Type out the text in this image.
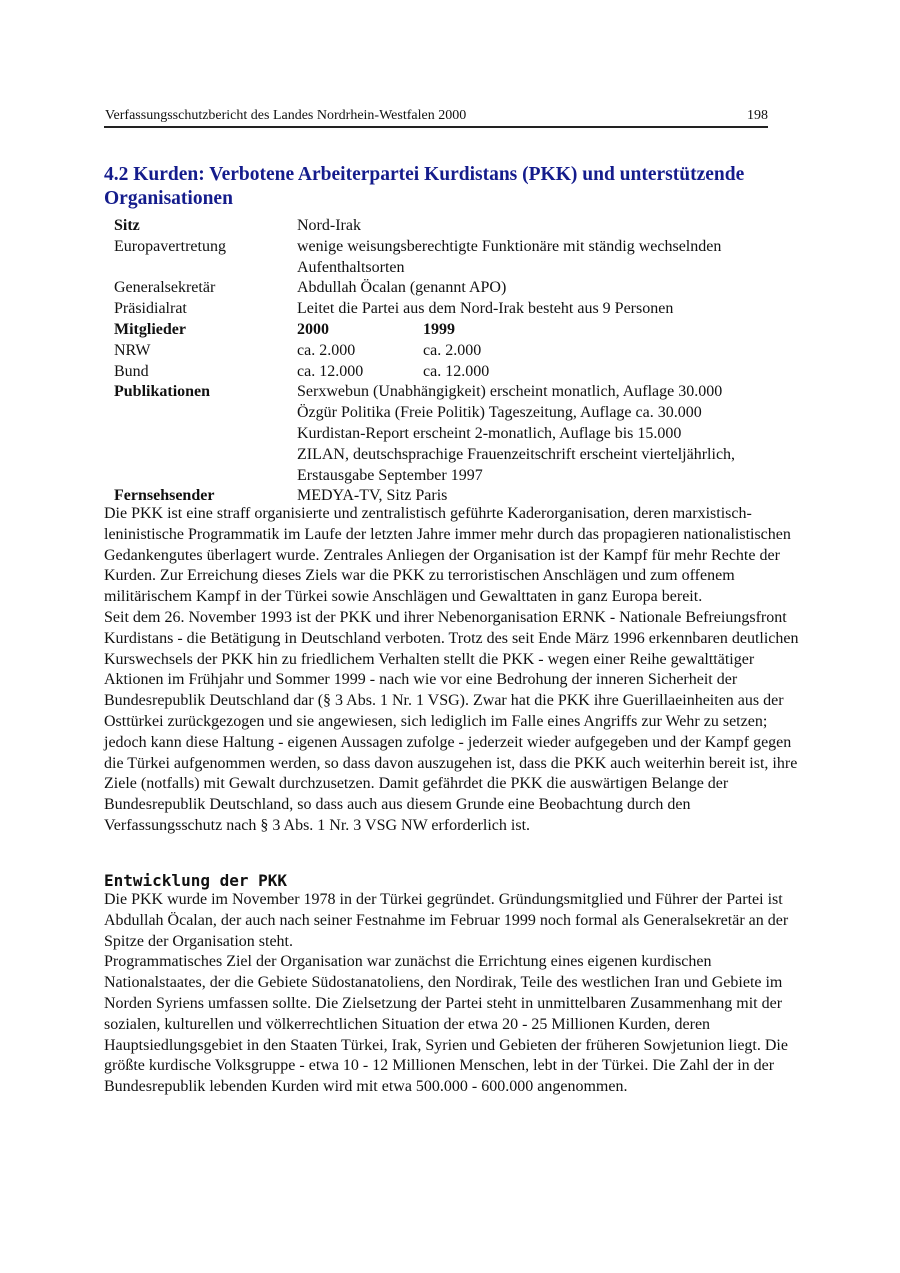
Verfassungsschutzbericht des Landes Nordrhein-Westfalen 2000	198
4.2 Kurden: Verbotene Arbeiterpartei Kurdistans (PKK) und unterstützende Organisationen
Sitz	Nord-Irak	
Europavertretung	wenige weisungsberechtigte Funktionäre mit ständig wechselnden Aufenthaltsorten	
Generalsekretär	Abdullah Öcalan (genannt APO)	
Präsidialrat	Leitet die Partei aus dem Nord-Irak besteht aus 9 Personen	
Mitglieder	2000	1999
NRW	ca. 2.000	ca. 2.000
Bund	ca. 12.000	ca. 12.000
Publikationen	Serxwebun (Unabhängigkeit) erscheint monatlich, Auflage 30.000
Özgür Politika (Freie Politik) Tageszeitung, Auflage ca. 30.000
Kurdistan-Report erscheint 2-monatlich, Auflage bis 15.000
ZILAN, deutschsprachige Frauenzeitschrift erscheint vierteljährlich, Erstausgabe September 1997	

Fernsehsender	MEDYA-TV, Sitz Paris	

Die PKK ist eine straff organisierte und zentralistisch geführte Kaderorganisation, deren marxistisch-leninistische Programmatik im Laufe der letzten Jahre immer mehr durch das propagieren nationalistischen Gedankengutes überlagert wurde. Zentrales Anliegen der Organisation ist der Kampf für mehr Rechte der Kurden. Zur Erreichung dieses Ziels war die PKK zu terroristischen Anschlägen und zum offenem militärischem Kampf in der Türkei sowie Anschlägen und Gewalttaten in ganz Europa bereit.

Seit dem 26. November 1993 ist der PKK und ihrer Nebenorganisation ERNK - Nationale Befreiungsfront Kurdistans - die Betätigung in Deutschland verboten. Trotz des seit Ende März 1996 erkennbaren deutlichen Kurswechsels der PKK hin zu friedlichem Verhalten stellt die PKK - wegen einer Reihe gewalttätiger Aktionen im Frühjahr und Sommer 1999 - nach wie vor eine Bedrohung der inneren Sicherheit der Bundesrepublik Deutschland dar (§ 3 Abs. 1 Nr. 1 VSG). Zwar hat die PKK ihre Guerillaeinheiten aus der Osttürkei zurückgezogen und sie angewiesen, sich lediglich im Falle eines Angriffs zur Wehr zu setzen; jedoch kann diese Haltung - eigenen Aussagen zufolge - jederzeit wieder aufgegeben und der Kampf gegen die Türkei aufgenommen werden, so dass davon auszugehen ist, dass die PKK auch weiterhin bereit ist, ihre Ziele (notfalls) mit Gewalt durchzusetzen. Damit gefährdet die PKK die auswärtigen Belange der Bundesrepublik Deutschland, so dass auch aus diesem Grunde eine Beobachtung durch den Verfassungsschutz nach § 3 Abs. 1 Nr. 3 VSG NW erforderlich ist.

Entwicklung der PKK

Die PKK wurde im November 1978 in der Türkei gegründet. Gründungsmitglied und Führer der Partei ist Abdullah Öcalan, der auch nach seiner Festnahme im Februar 1999 noch formal als Generalsekretär an der Spitze der Organisation steht.

Programmatisches Ziel der Organisation war zunächst die Errichtung eines eigenen kurdischen Nationalstaates, der die Gebiete Südostanatoliens, den Nordirak, Teile des westlichen Iran und Gebiete im Norden Syriens umfassen sollte. Die Zielsetzung der Partei steht in unmittelbaren Zusammenhang mit der sozialen, kulturellen und völkerrechtlichen Situation der etwa 20 - 25 Millionen Kurden, deren Hauptsiedlungsgebiet in den Staaten Türkei, Irak, Syrien und Gebieten der früheren Sowjetunion liegt. Die größte kurdische Volksgruppe - etwa 10 - 12 Millionen Menschen, lebt in der Türkei. Die Zahl der in der Bundesrepublik lebenden Kurden wird mit etwa 500.000 - 600.000 angenommen.
